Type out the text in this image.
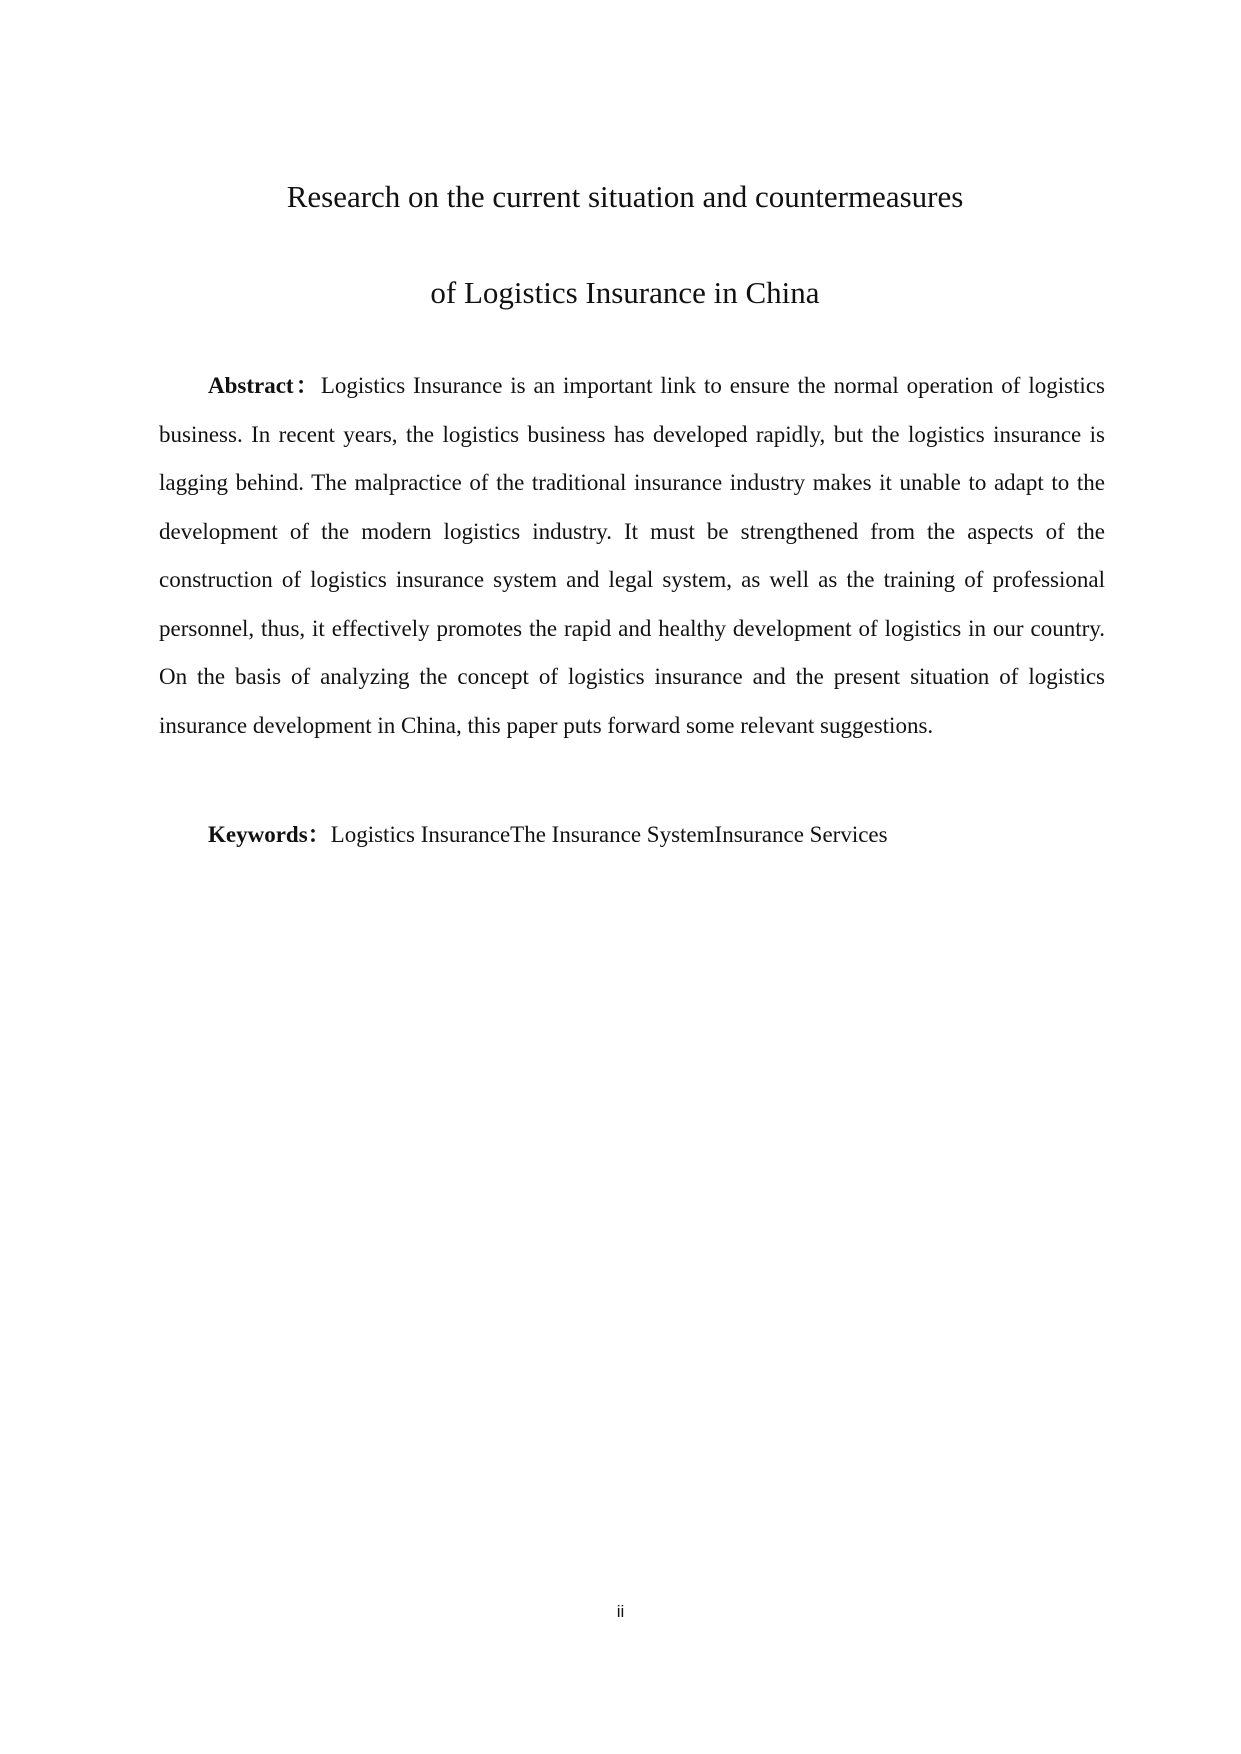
Research on the current situation and countermeasures
of Logistics Insurance in China

Abstract：Logistics Insurance is an important link to ensure the normal operation of logistics business. In recent years, the logistics business has developed rapidly, but the logistics insurance is lagging behind. The malpractice of the traditional insurance industry makes it unable to adapt to the development of the modern logistics industry. It must be strengthened from the aspects of the construction of logistics insurance system and legal system, as well as the training of professional personnel, thus, it effectively promotes the rapid and healthy development of logistics in our country. On the basis of analyzing the concept of logistics insurance and the present situation of logistics insurance development in China, this paper puts forward some relevant suggestions.

Keywords：Logistics InsuranceThe Insurance SystemInsurance Services

ii
